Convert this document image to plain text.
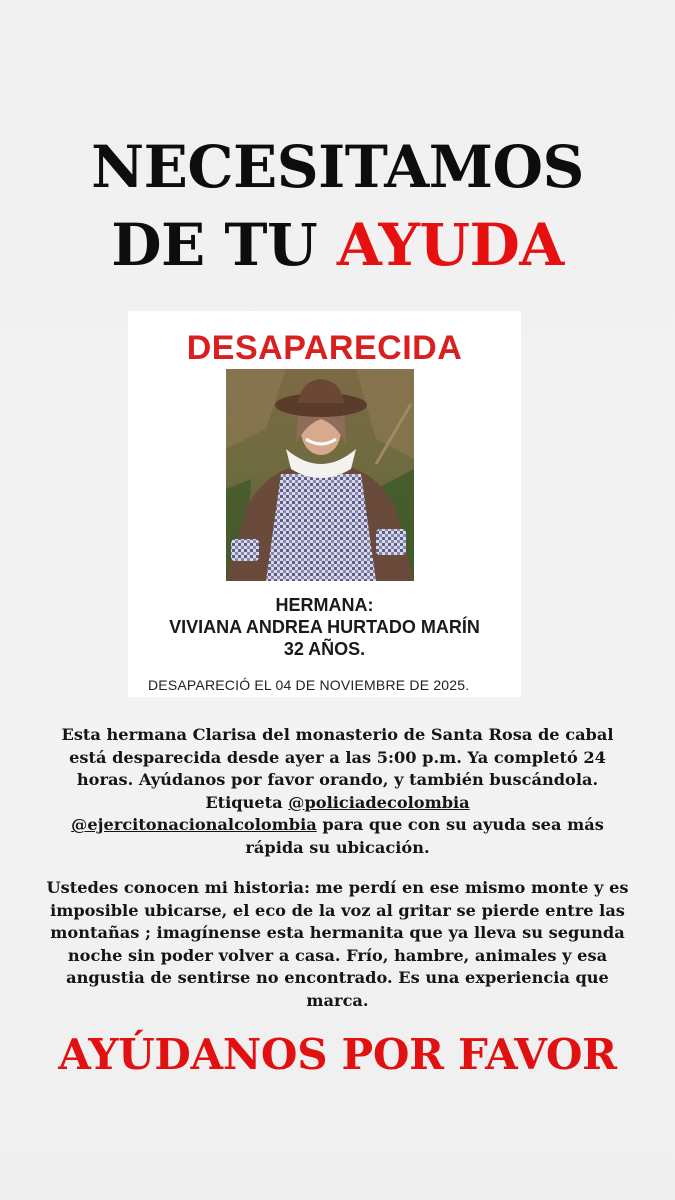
NECESITAMOS
DE TU AYUDA
DESAPARECIDA
HERMANA:
VIVIANA ANDREA HURTADO MARÍN
32 AÑOS.
DESAPARECIÓ EL 04 DE NOVIEMBRE DE 2025.
Esta hermana Clarisa del monasterio de Santa Rosa de cabal está desparecida desde ayer a las 5:00 p.m. Ya completó 24 horas. Ayúdanos por favor orando, y también buscándola. Etiqueta @policiadecolombia
@ejercitonacionalcolombia para que con su ayuda sea más rápida su ubicación.
Ustedes conocen mi historia: me perdí en ese mismo monte y es imposible ubicarse, el eco de la voz al gritar se pierde entre las montañas ; imagínense esta hermanita que ya lleva su segunda noche sin poder volver a casa. Frío, hambre, animales y esa angustia de sentirse no encontrado. Es una experiencia que marca.
AYÚDANOS POR FAVOR
